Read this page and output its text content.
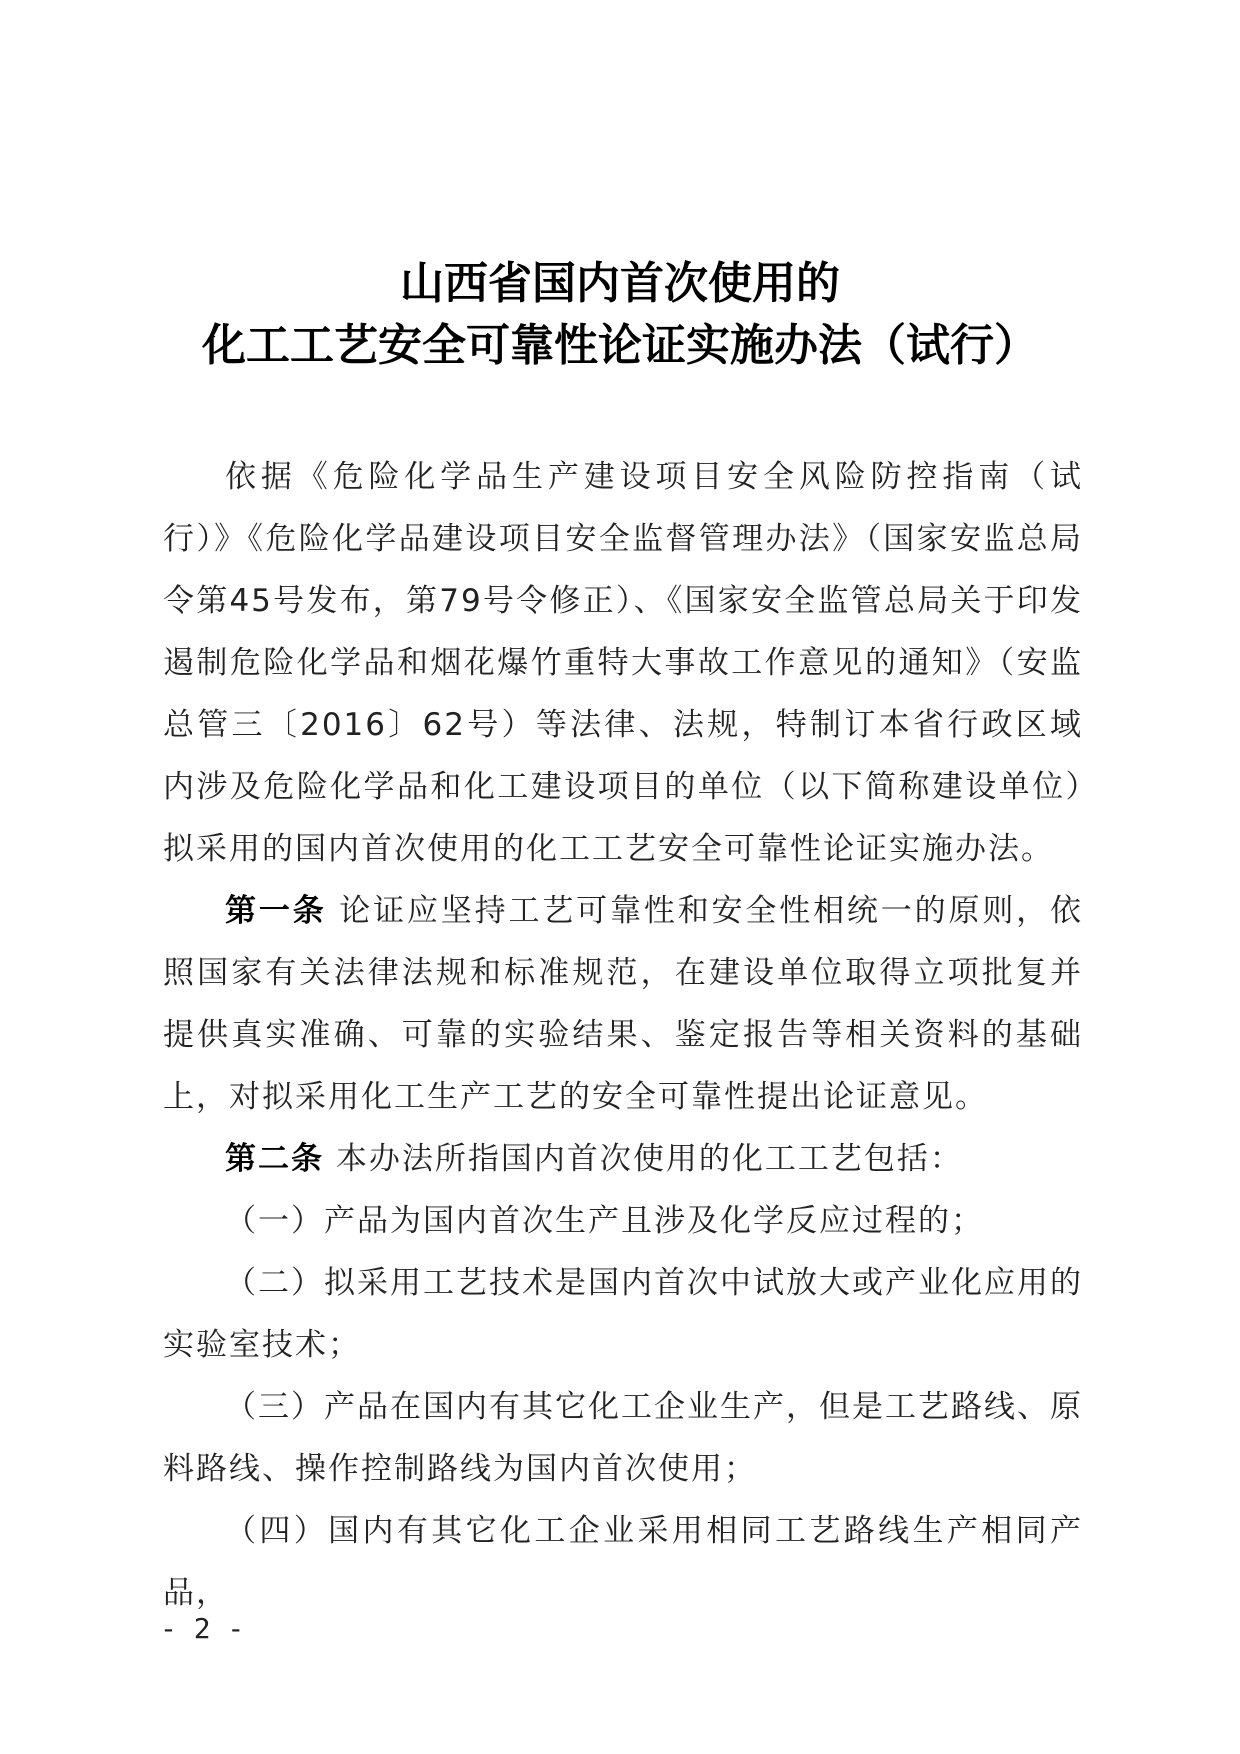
山西省国内首次使用的
化工工艺安全可靠性论证实施办法（试行）

依据《危险化学品生产建设项目安全风险防控指南（试行）》《危险化学品建设项目安全监督管理办法》（国家安监总局令第45号发布，第79号令修正）、《国家安全监管总局关于印发遏制危险化学品和烟花爆竹重特大事故工作意见的通知》（安监总管三〔2016〕62号）等法律、法规，特制订本省行政区域内涉及危险化学品和化工建设项目的单位（以下简称建设单位）拟采用的国内首次使用的化工工艺安全可靠性论证实施办法。

第一条 论证应坚持工艺可靠性和安全性相统一的原则，依照国家有关法律法规和标准规范，在建设单位取得立项批复并提供真实准确、可靠的实验结果、鉴定报告等相关资料的基础上，对拟采用化工生产工艺的安全可靠性提出论证意见。

第二条 本办法所指国内首次使用的化工工艺包括：

（一）产品为国内首次生产且涉及化学反应过程的；

（二）拟采用工艺技术是国内首次中试放大或产业化应用的实验室技术；

（三）产品在国内有其它化工企业生产，但是工艺路线、原料路线、操作控制路线为国内首次使用；

（四）国内有其它化工企业采用相同工艺路线生产相同产品，

- 2 -
